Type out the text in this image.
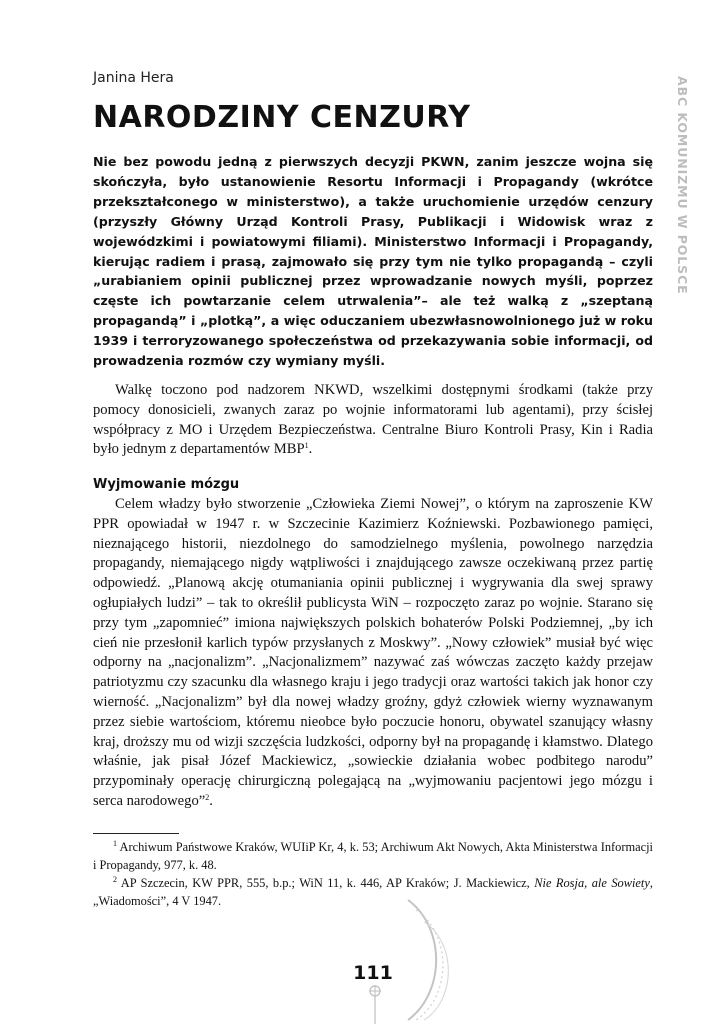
Janina Hera
NARODZINY CENZURY	ABC KOMUNIZMU W POLSCE

Nie bez powodu jedną z pierwszych decyzji PKWN, zanim jeszcze wojna się skończyła, było ustanowienie Resortu Informacji i Propagandy (wkrótce przekształconego w ministerstwo), a także uruchomienie urzędów cenzury (przyszły Główny Urząd Kontroli Prasy, Publikacji i Widowisk wraz z wojewódzkimi i powiatowymi filiami). Ministerstwo Informacji i Propagandy, kierując radiem i prasą, zajmowało się przy tym nie tylko propagandą – czyli „urabianiem opinii publicznej przez wprowadzanie nowych myśli, poprzez częste ich powtarzanie celem utrwalenia”– ale też walką z „szeptaną propagandą” i „plotką”, a więc oduczaniem ubezwłasnowolnionego już w roku 1939 i terroryzowanego społeczeństwa od przekazywania sobie informacji, od prowadzenia rozmów czy wymiany myśli.

Walkę toczono pod nadzorem NKWD, wszelkimi dostępnymi środkami (także przy pomocy donosicieli, zwanych zaraz po wojnie informatorami lub agentami), przy ścisłej współpracy z MO i Urzędem Bezpieczeństwa. Centralne Biuro Kontroli Prasy, Kin i Radia było jednym z departamentów MBP$^1$.

Wyjmowanie mózgu

Celem władzy było stworzenie „Człowieka Ziemi Nowej”, o którym na zaproszenie KW PPR opowiadał w 1947 r. w Szczecinie Kazimierz Koźniewski. Pozbawionego pamięci, nieznającego historii, niezdolnego do samodzielnego myślenia, powolnego narzędzia propagandy, niemającego nigdy wątpliwości i znajdującego zawsze oczekiwaną przez partię odpowiedź. „Planową akcję otumaniania opinii publicznej i wygrywania dla swej sprawy ogłupiałych ludzi” – tak to określił publicysta WiN – rozpoczęto zaraz po wojnie. Starano się przy tym „zapomnieć” imiona największych polskich bohaterów Polski Podziemnej, „by ich cień nie przesłonił karlich typów przysłanych z Moskwy”. „Nowy człowiek” musiał być więc odporny na „nacjonalizm”. „Nacjonalizmem” nazywać zaś wówczas zaczęto każdy przejaw patriotyzmu czy szacunku dla własnego kraju i jego tradycji oraz wartości takich jak honor czy wierność. „Nacjonalizm” był dla nowej władzy groźny, gdyż człowiek wierny wyznawanym przez siebie wartościom, któremu nieobce było poczucie honoru, obywatel szanujący własny kraj, droższy mu od wizji szczęścia ludzkości, odporny był na propagandę i kłamstwo. Dlatego właśnie, jak pisał Józef Mackiewicz, „sowieckie działania wobec podbitego narodu” przypominały operację chirurgiczną polegającą na „wyjmowaniu pacjentowi jego mózgu i serca narodowego”$^2$.

$^1$ Archiwum Państwowe Kraków, WUIiP Kr, 4, k. 53; Archiwum Akt Nowych, Akta Ministerstwa Informacji i Propagandy, 977, k. 48.

$^2$ AP Szczecin, KW PPR, 555, b.p.; WiN 11, k. 446, AP Kraków; J. Mackiewicz, Nie Rosja, ale Sowiety, „Wiadomości”, 4 V 1947.

111
